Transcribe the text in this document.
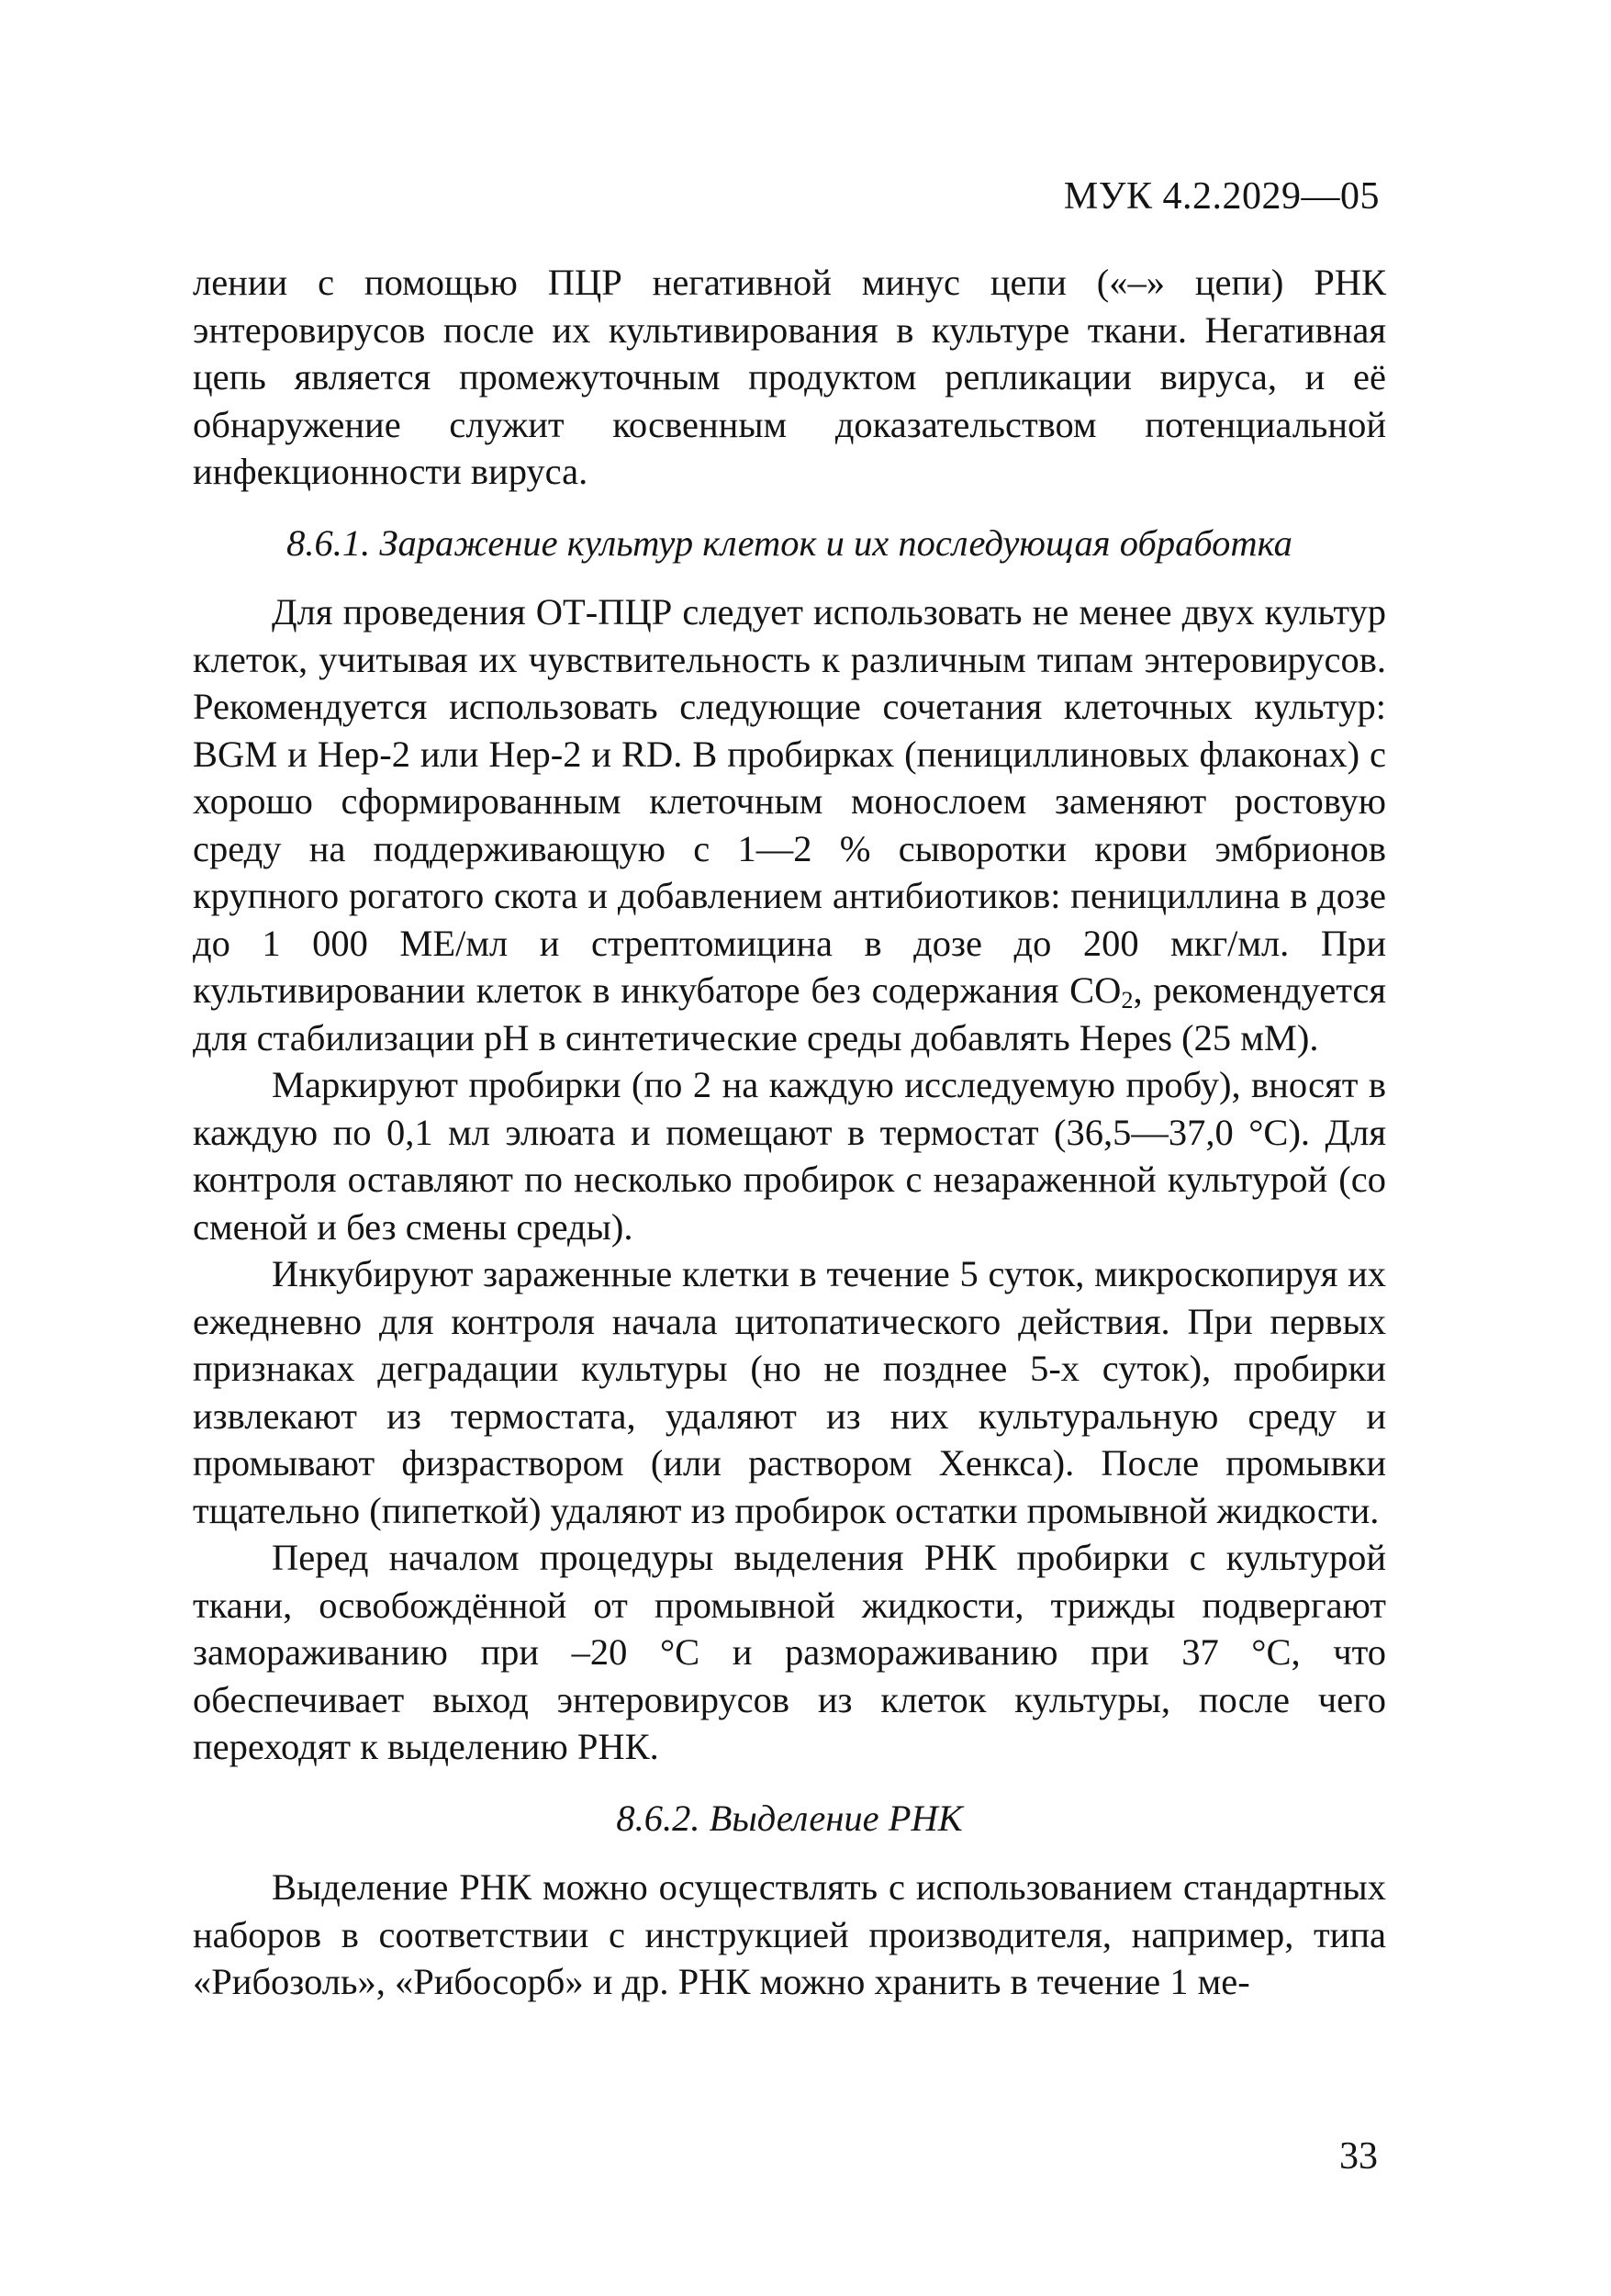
МУК 4.2.2029—05

лении с помощью ПЦР негативной минус цепи («–» цепи) РНК энтеровирусов после их культивирования в культуре ткани. Негативная цепь является промежуточным продуктом репликации вируса, и её обнаружение служит косвенным доказательством потенциальной инфекционности вируса.

8.6.1. Заражение культур клеток и их последующая обработка

Для проведения ОТ-ПЦР следует использовать не менее двух культур клеток, учитывая их чувствительность к различным типам энтеровирусов. Рекомендуется использовать следующие сочетания клеточных культур: BGM и Hep-2 или Hep-2 и RD. В пробирках (пенициллиновых флаконах) с хорошо сформированным клеточным монослоем заменяют ростовую среду на поддерживающую с 1—2 % сыворотки крови эмбрионов крупного рогатого скота и добавлением антибиотиков: пенициллина в дозе до 1 000 МЕ/мл и стрептомицина в дозе до 200 мкг/мл. При культивировании клеток в инкубаторе без содержания $CO_2$, рекомендуется для стабилизации pH в синтетические среды добавлять Hepes (25 мМ).

Маркируют пробирки (по 2 на каждую исследуемую пробу), вносят в каждую по 0,1 мл элюата и помещают в термостат (36,5—37,0 °С). Для контроля оставляют по несколько пробирок с незараженной культурой (со сменой и без смены среды).

Инкубируют зараженные клетки в течение 5 суток, микроскопируя их ежедневно для контроля начала цитопатического действия. При первых признаках деградации культуры (но не позднее 5-х суток), пробирки извлекают из термостата, удаляют из них культуральную среду и промывают физраствором (или раствором Хенкса). После промывки тщательно (пипеткой) удаляют из пробирок остатки промывной жидкости.

Перед началом процедуры выделения РНК пробирки с культурой ткани, освобождённой от промывной жидкости, трижды подвергают замораживанию при –20 °С и размораживанию при 37 °С, что обеспечивает выход энтеровирусов из клеток культуры, после чего переходят к выделению РНК.

8.6.2. Выделение РНК

Выделение РНК можно осуществлять с использованием стандартных наборов в соответствии с инструкцией производителя, например, типа «Рибозоль», «Рибосорб» и др. РНК можно хранить в течение 1 ме-

33
